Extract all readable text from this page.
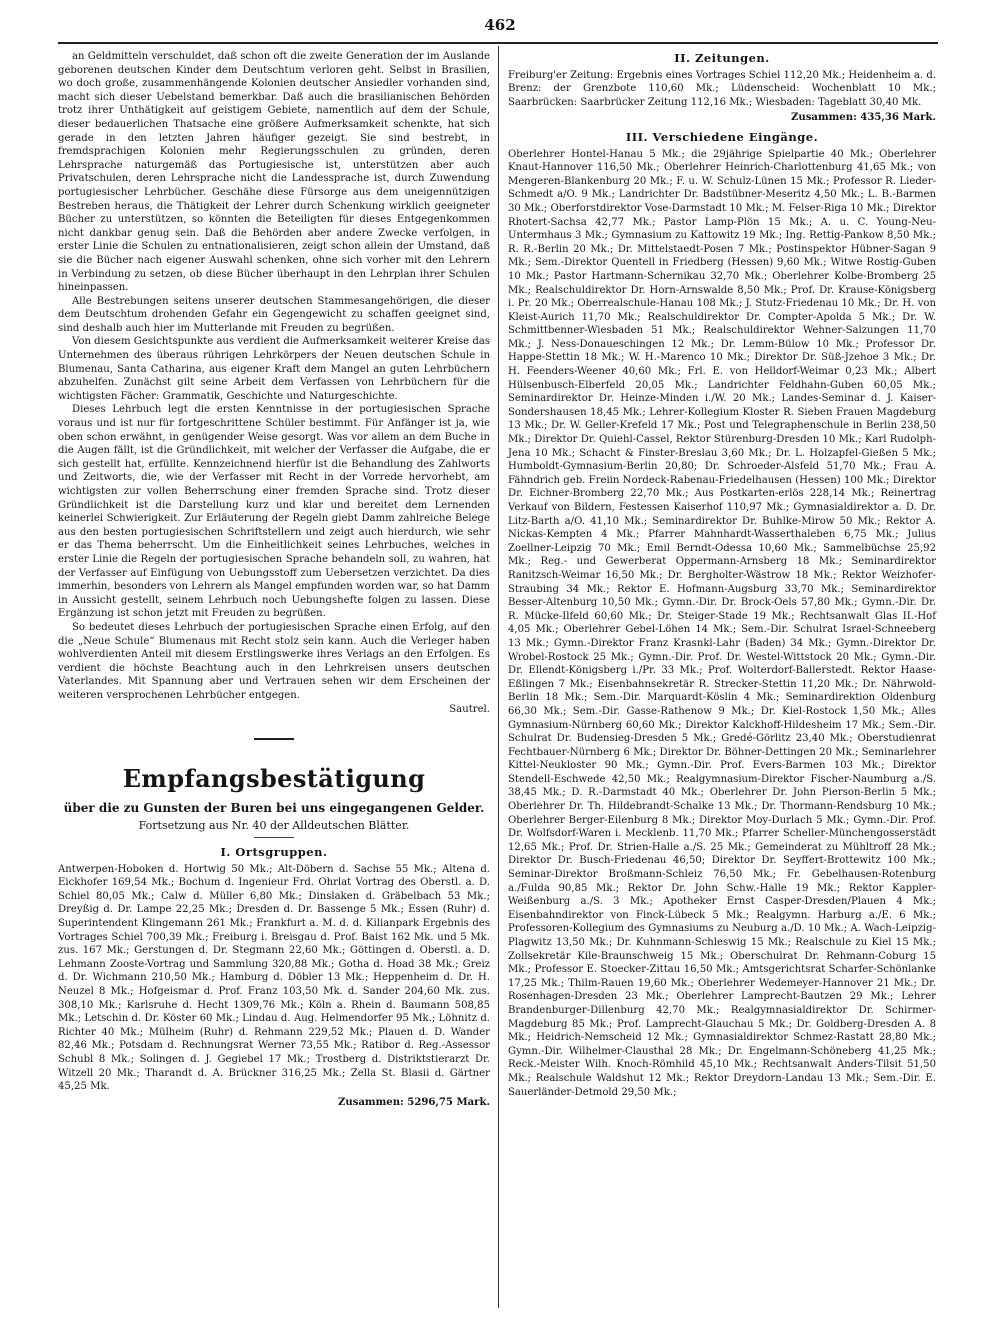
462

an Geldmitteln verschuldet, daß schon oft die zweite Generation der im Auslande geborenen deutschen Kinder dem Deutschtum verloren geht. Selbst in Brasilien, wo doch große, zusammenhängende Kolonien deutscher Ansiedler vorhanden sind, macht sich dieser Uebelstand bemerkbar. Daß auch die brasilianischen Behörden trotz ihrer Unthätigkeit auf geistigem Gebiete, namentlich auf dem der Schule, dieser bedauerlichen Thatsache eine größere Aufmerksamkeit schenkte, hat sich gerade in den letzten Jahren häufiger gezeigt. Sie sind bestrebt, in fremdsprachigen Kolonien mehr Regierungsschulen zu gründen, deren Lehrsprache naturgemäß das Portugiesische ist, unterstützen aber auch Privatschulen, deren Lehrsprache nicht die Landessprache ist, durch Zuwendung portugiesischer Lehrbücher. Geschähe diese Fürsorge aus dem uneigennützigen Bestreben heraus, die Thätigkeit der Lehrer durch Schenkung wirklich geeigneter Bücher zu unterstützen, so könnten die Beteiligten für dieses Entgegenkommen nicht dankbar genug sein. Daß die Behörden aber andere Zwecke verfolgen, in erster Linie die Schulen zu entnationalisieren, zeigt schon allein der Umstand, daß sie die Bücher nach eigener Auswahl schenken, ohne sich vorher mit den Lehrern in Verbindung zu setzen, ob diese Bücher überhaupt in den Lehrplan ihrer Schulen hineinpassen.

Alle Bestrebungen seitens unserer deutschen Stammesangehörigen, die dieser dem Deutschtum drohenden Gefahr ein Gegengewicht zu schaffen geeignet sind, sind deshalb auch hier im Mutterlande mit Freuden zu begrüßen.

Von diesem Gesichtspunkte aus verdient die Aufmerksamkeit weiterer Kreise das Unternehmen des überaus rührigen Lehrkörpers der Neuen deutschen Schule in Blumenau, Santa Catharina, aus eigener Kraft dem Mangel an guten Lehrbüchern abzuhelfen. Zunächst gilt seine Arbeit dem Verfassen von Lehrbüchern für die wichtigsten Fächer: Grammatik, Geschichte und Naturgeschichte.

Dieses Lehrbuch legt die ersten Kenntnisse in der portugiesischen Sprache voraus und ist nur für fortgeschrittene Schüler bestimmt. Für Anfänger ist ja, wie oben schon erwähnt, in genügender Weise gesorgt. Was vor allem an dem Buche in die Augen fällt, ist die Gründlichkeit, mit welcher der Verfasser die Aufgabe, die er sich gestellt hat, erfüllte. Kennzeichnend hierfür ist die Behandlung des Zahlworts und Zeitworts, die, wie der Verfasser mit Recht in der Vorrede hervorhebt, am wichtigsten zur vollen Beherrschung einer fremden Sprache sind. Trotz dieser Gründlichkeit ist die Darstellung kurz und klar und bereitet dem Lernenden keinerlei Schwierigkeit. Zur Erläuterung der Regeln giebt Damm zahlreiche Belege aus den besten portugiesischen Schriftstellern und zeigt auch hierdurch, wie sehr er das Thema beherrscht. Um die Einheitlichkeit seines Lehrbuches, welches in erster Linie die Regeln der portugiesischen Sprache behandeln soll, zu wahren, hat der Verfasser auf Einfügung von Uebungsstoff zum Uebersetzen verzichtet. Da dies immerhin, besonders von Lehrern als Mangel empfunden worden war, so hat Damm in Aussicht gestellt, seinem Lehrbuch noch Uebungshefte folgen zu lassen. Diese Ergänzung ist schon jetzt mit Freuden zu begrüßen.

So bedeutet dieses Lehrbuch der portugiesischen Sprache einen Erfolg, auf den die „Neue Schule“ Blumenaus mit Recht stolz sein kann. Auch die Verleger haben wohlverdienten Anteil mit diesem Erstlingswerke ihres Verlags an den Erfolgen. Es verdient die höchste Beachtung auch in den Lehrkreisen unsers deutschen Vaterlandes. Mit Spannung aber und Vertrauen sehen wir dem Erscheinen der weiteren versprochenen Lehrbücher entgegen.

Sautrel.

Empfangsbestätigung

über die zu Gunsten der Buren bei uns eingegangenen Gelder.

Fortsetzung aus Nr. 40 der Alldeutschen Blätter.

I. Ortsgruppen.

Antwerpen-Hoboken d. Hortwig 50 Mk.; Alt-Döbern d. Sachse 55 Mk.; Altena d. Eickhofer 169,54 Mk.; Bochum d. Ingenieur Frd. Ohrlat Vortrag des Oberstl. a. D. Schiel 80,05 Mk.; Calw d. Müller 6,80 Mk.; Dinslaken d. Gräbelbach 53 Mk.; Dreyßig d. Dr. Lampe 22,25 Mk.; Dresden d. Dr. Bassenge 5 Mk.; Essen (Ruhr) d. Superintendent Klingemann 261 Mk.; Frankfurt a. M. d. d. Kilianpark Ergebnis des Vortrages Schiel 700,39 Mk.; Freiburg i. Breisgau d. Prof. Baist 162 Mk. und 5 Mk. zus. 167 Mk.; Gerstungen d. Dr. Stegmann 22,60 Mk.; Göttingen d. Oberstl. a. D. Lehmann Zooste-Vortrag und Sammlung 320,88 Mk.; Gotha d. Hoad 38 Mk.; Greiz d. Dr. Wichmann 210,50 Mk.; Hamburg d. Döbler 13 Mk.; Heppenheim d. Dr. H. Neuzel 8 Mk.; Hofgeismar d. Prof. Franz 103,50 Mk. d. Sander 204,60 Mk. zus. 308,10 Mk.; Karlsruhe d. Hecht 1309,76 Mk.; Köln a. Rhein d. Baumann 508,85 Mk.; Letschin d. Dr. Köster 60 Mk.; Lindau d. Aug. Helmendorfer 95 Mk.; Löhnitz d. Richter 40 Mk.; Mülheim (Ruhr) d. Rehmann 229,52 Mk.; Plauen d. D. Wander 82,46 Mk.; Potsdam d. Rechnungsrat Werner 73,55 Mk.; Ratibor d. Reg.-Assessor Schubl 8 Mk.; Solingen d. J. Gegiebel 17 Mk.; Trostberg d. Distriktstierarzt Dr. Witzell 20 Mk.; Tharandt d. A. Brückner 316,25 Mk.; Zella St. Blasii d. Gärtner 45,25 Mk.

Zusammen: 5296,75 Mark.

II. Zeitungen.

Freiburg'er Zeitung: Ergebnis eines Vortrages Schiel 112,20 Mk.; Heidenheim a. d. Brenz: der Grenzbote 110,60 Mk.; Lüdenscheid: Wochenblatt 10 Mk.; Saarbrücken: Saarbrücker Zeitung 112,16 Mk.; Wiesbaden: Tageblatt 30,40 Mk.

Zusammen: 435,36 Mark.

III. Verschiedene Eingänge.

Oberlehrer Hontel-Hanau 5 Mk.; die 29jährige Spielpartie 40 Mk.; Oberlehrer Knaut-Hannover 116,50 Mk.; Oberlehrer Heinrich-Charlottenburg 41,65 Mk.; von Mengeren-Blankenburg 20 Mk.; F. u. W. Schulz-Lünen 15 Mk.; Professor R. Lieder-Schmedt a/O. 9 Mk.; Landrichter Dr. Badstübner-Meseritz 4,50 Mk.; L. B.-Barmen 30 Mk.; Oberforstdirektor Vose-Darmstadt 10 Mk.; M. Felser-Riga 10 Mk.; Direktor Rhotert-Sachsa 42,77 Mk.; Pastor Lamp-Plön 15 Mk.; A. u. C. Young-Neu-Untermhaus 3 Mk.; Gymnasium zu Kattowitz 19 Mk.; Ing. Rettig-Pankow 8,50 Mk.; R. R.-Berlin 20 Mk.; Dr. Mittelstaedt-Posen 7 Mk.; Postinspektor Hübner-Sagan 9 Mk.; Sem.-Direktor Quentell in Friedberg (Hessen) 9,60 Mk.; Witwe Rostig-Guben 10 Mk.; Pastor Hartmann-Schernikau 32,70 Mk.; Oberlehrer Kolbe-Bromberg 25 Mk.; Realschuldirektor Dr. Horn-Arnswalde 8,50 Mk.; Prof. Dr. Krause-Königsberg i. Pr. 20 Mk.; Oberrealschule-Hanau 108 Mk.; J. Stutz-Friedenau 10 Mk.; Dr. H. von Kleist-Aurich 11,70 Mk.; Realschuldirektor Dr. Compter-Apolda 5 Mk.; Dr. W. Schmittbenner-Wiesbaden 51 Mk.; Realschuldirektor Wehner-Salzungen 11,70 Mk.; J. Ness-Donaueschingen 12 Mk.; Dr. Lemm-Bülow 10 Mk.; Professor Dr. Happe-Stettin 18 Mk.; W. H.-Marenco 10 Mk.; Direktor Dr. Süß-Jzehoe 3 Mk.; Dr. H. Feenders-Weener 40,60 Mk.; Frl. E. von Helldorf-Weimar 0,23 Mk.; Albert Hülsenbusch-Elberfeld 20,05 Mk.; Landrichter Feldhahn-Guben 60,05 Mk.; Seminardirektor Dr. Heinze-Minden i./W. 20 Mk.; Landes-Seminar d. J. Kaiser-Sondershausen 18,45 Mk.; Lehrer-Kollegium Kloster R. Sieben Frauen Magdeburg 13 Mk.; Dr. W. Geller-Krefeld 17 Mk.; Post und Telegraphenschule in Berlin 238,50 Mk.; Direktor Dr. Quiehl-Cassel, Rektor Stürenburg-Dresden 10 Mk.; Karl Rudolph-Jena 10 Mk.; Schacht & Finster-Breslau 3,60 Mk.; Dr. L. Holzapfel-Gießen 5 Mk.; Humboldt-Gymnasium-Berlin 20,80; Dr. Schroeder-Alsfeld 51,70 Mk.; Frau A. Fähndrich geb. Freiin Nordeck-Rabenau-Friedelhausen (Hessen) 100 Mk.; Direktor Dr. Eichner-Bromberg 22,70 Mk.; Aus Postkarten-erlös 228,14 Mk.; Reinertrag Verkauf von Bildern, Festessen Kaiserhof 110,97 Mk.; Gymnasialdirektor a. D. Dr. Litz-Barth a/O. 41,10 Mk.; Seminardirektor Dr. Buhlke-Mirow 50 Mk.; Rektor A. Nickas-Kempten 4 Mk.; Pfarrer Mahnhardt-Wasserthaleben 6,75 Mk.; Julius Zoellner-Leipzig 70 Mk.; Emil Berndt-Odessa 10,60 Mk.; Sammelbüchse 25,92 Mk.; Reg.- und Gewerberat Oppermann-Arnsberg 18 Mk.; Seminardirektor Ranitzsch-Weimar 16,50 Mk.; Dr. Bergholter-Wästrow 18 Mk.; Rektor Weizhofer-Straubing 34 Mk.; Rektor E. Hofmann-Augsburg 33,70 Mk.; Seminardirektor Besser-Altenburg 10,50 Mk.; Gymn.-Dir. Dr. Brock-Oels 57,80 Mk.; Gymn.-Dir. Dr. R. Mücke-Ilfeld 60,60 Mk.; Dr. Steiger-Stade 19 Mk.; Rechtsanwalt Glas II.-Hof 4,05 Mk.; Oberlehrer Gebel-Löhen 14 Mk.; Sem.-Dir. Schulrat Israel-Schneeberg 13 Mk.; Gymn.-Direktor Franz Krasnkl-Lahr (Baden) 34 Mk.; Gymn.-Direktor Dr. Wrobel-Rostock 25 Mk.; Gymn.-Dir. Prof. Dr. Westel-Wittstock 20 Mk.; Gymn.-Dir. Dr. Ellendt-Königsberg i./Pr. 33 Mk.; Prof. Wolterdorf-Ballerstedt. Rektor Haase-Eßlingen 7 Mk.; Eisenbahnsekretär R. Strecker-Stettin 11,20 Mk.; Dr. Nährwold-Berlin 18 Mk.; Sem.-Dir. Marquardt-Köslin 4 Mk.; Seminardirektion Oldenburg 66,30 Mk.; Sem.-Dir. Gasse-Rathenow 9 Mk.; Dr. Kiel-Rostock 1,50 Mk.; Alles Gymnasium-Nürnberg 60,60 Mk.; Direktor Kalckhoff-Hildesheim 17 Mk.; Sem.-Dir. Schulrat Dr. Budensieg-Dresden 5 Mk.; Gredé-Görlitz 23,40 Mk.; Oberstudienrat Fechtbauer-Nürnberg 6 Mk.; Direktor Dr. Böhner-Dettingen 20 Mk.; Seminarlehrer Kittel-Neukloster 90 Mk.; Gymn.-Dir. Prof. Evers-Barmen 103 Mk.; Direktor Stendell-Eschwede 42,50 Mk.; Realgymnasium-Direktor Fischer-Naumburg a./S. 38,45 Mk.; D. R.-Darmstadt 40 Mk.; Oberlehrer Dr. John Pierson-Berlin 5 Mk.; Oberlehrer Dr. Th. Hildebrandt-Schalke 13 Mk.; Dr. Thormann-Rendsburg 10 Mk.; Oberlehrer Berger-Eilenburg 8 Mk.; Direktor Moy-Durlach 5 Mk.; Gymn.-Dir. Prof. Dr. Wolfsdorf-Waren i. Mecklenb. 11,70 Mk.; Pfarrer Scheller-Münchengosserstädt 12,65 Mk.; Prof. Dr. Strien-Halle a./S. 25 Mk.; Gemeinderat zu Mühltroff 28 Mk.; Direktor Dr. Busch-Friedenau 46,50; Direktor Dr. Seyffert-Brottewitz 100 Mk.; Seminar-Direktor Broßmann-Schleiz 76,50 Mk.; Fr. Gebelhausen-Rotenburg a./Fulda 90,85 Mk.; Rektor Dr. John Schw.-Halle 19 Mk.; Rektor Kappler-Weißenburg a./S. 3 Mk.; Apotheker Ernst Casper-Dresden/Plauen 4 Mk.; Eisenbahndirektor von Finck-Lübeck 5 Mk.; Realgymn. Harburg a./E. 6 Mk.; Professoren-Kollegium des Gymnasiums zu Neuburg a./D. 10 Mk.; A. Wach-Leipzig-Plagwitz 13,50 Mk.; Dr. Kuhnmann-Schleswig 15 Mk.; Realschule zu Kiel 15 Mk.; Zollsekretär Kile-Braunschweig 15 Mk.; Oberschulrat Dr. Rehmann-Coburg 15 Mk.; Professor E. Stoecker-Zittau 16,50 Mk.; Amtsgerichtsrat Scharfer-Schönlanke 17,25 Mk.; Thilm-Rauen 19,60 Mk.; Oberlehrer Wedemeyer-Hannover 21 Mk.; Dr. Rosenhagen-Dresden 23 Mk.; Oberlehrer Lamprecht-Bautzen 29 Mk.; Lehrer Brandenburger-Dillenburg 42,70 Mk.; Realgymnasialdirektor Dr. Schirmer-Magdeburg 85 Mk.; Prof. Lamprecht-Glauchau 5 Mk.; Dr. Goldberg-Dresden A. 8 Mk.; Heidrich-Nemscheid 12 Mk.; Gymnasialdirektor Schmez-Rastatt 28,80 Mk.; Gymn.-Dir. Wilhelmer-Clausthal 28 Mk.; Dr. Engelmann-Schöneberg 41,25 Mk.; Reck.-Meister Wilh. Knoch-Römhild 45,10 Mk.; Rechtsanwalt Anders-Tilsit 51,50 Mk.; Realschule Waldshut 12 Mk.; Rektor Dreydorn-Landau 13 Mk.; Sem.-Dir. E. Sauerländer-Detmold 29,50 Mk.;
